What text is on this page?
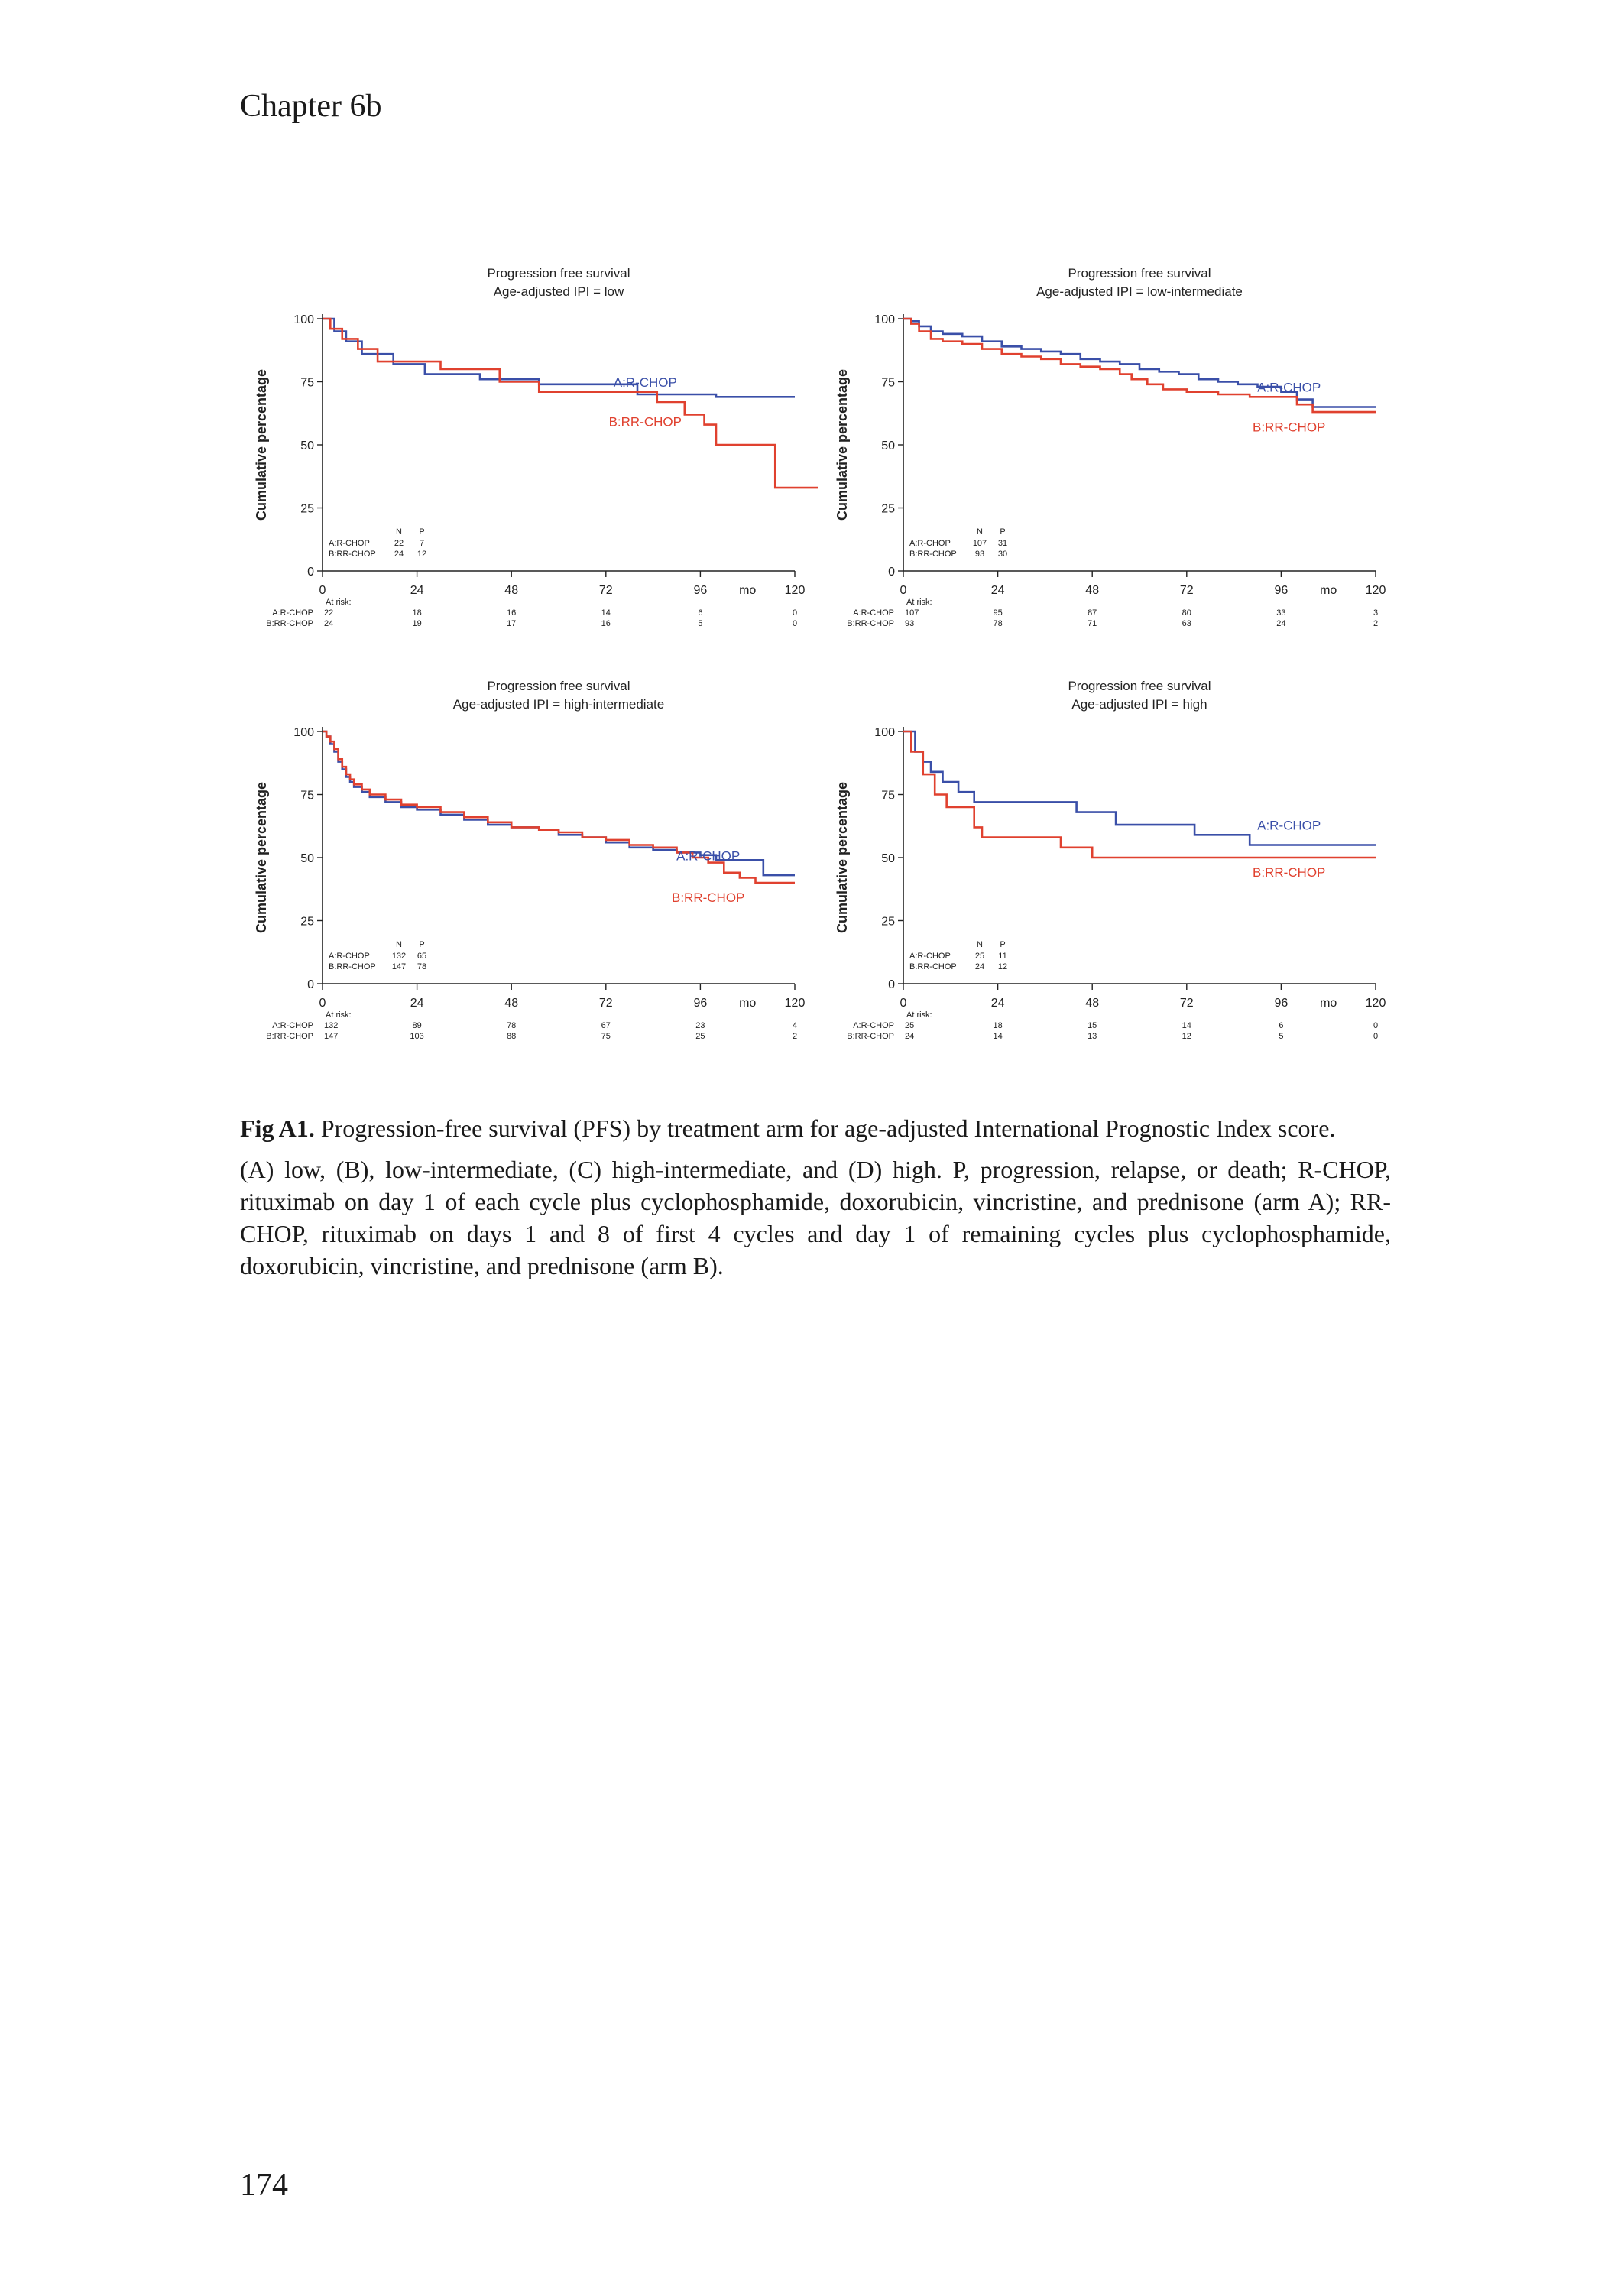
Chapter 6b
Progression free survival
Age-adjusted IPI = low
Cumulative percentage
0
25
50
75
100
0	24	48	72	96	120
mo
A:R-CHOP
B:RR-CHOP
N P
A:R-CHOP	22 7
B:RR-CHOP 24 12
At risk:
A:R-CHOP 22	18	16	14	6	0
B:RR-CHOP 24	19	17	16	5	0
Progression free survival
Age-adjusted IPI = low-intermediate
Cumulative percentage
0
25
50
75
100
0	24	48	72	96	120
mo
A:R-CHOP
B:RR-CHOP
N P
A:R-CHOP	107 31
B:RR-CHOP 93 30
At risk:
A:R-CHOP 107	95	87	80	33	3
B:RR-CHOP 93	78	71	63	24	2
Progression free survival
Age-adjusted IPI = high-intermediate
Cumulative percentage
0
25
50
75
100
0	24	48	72	96	120
mo
A:R-CHOP
B:RR-CHOP
N P
A:R-CHOP	132 65
B:RR-CHOP 147 78
At risk:
A:R-CHOP 132	89	78	67	23	4
B:RR-CHOP 147	103	88	75	25	2
Progression free survival
Age-adjusted IPI = high
Cumulative percentage
0
25
50
75
100
0	24	48	72	96	120
mo
A:R-CHOP
B:RR-CHOP
N P
A:R-CHOP	25 11
B:RR-CHOP 24 12
At risk:
A:R-CHOP 25	18	15	14	6	0
B:RR-CHOP 24	14	13	12	5	0

Fig A1. Progression-free survival (PFS) by treatment arm for age-adjusted International Prognostic Index score.

(A) low, (B), low-intermediate, (C) high-intermediate, and (D) high. P, progression, relapse, or death; R-CHOP, rituximab on day 1 of each cycle plus cyclophosphamide, doxorubicin, vincristine, and prednisone (arm A); RR-CHOP, rituximab on days 1 and 8 of first 4 cycles and day 1 of remaining cycles plus cyclophosphamide, doxorubicin, vincristine, and prednisone (arm B).

174
